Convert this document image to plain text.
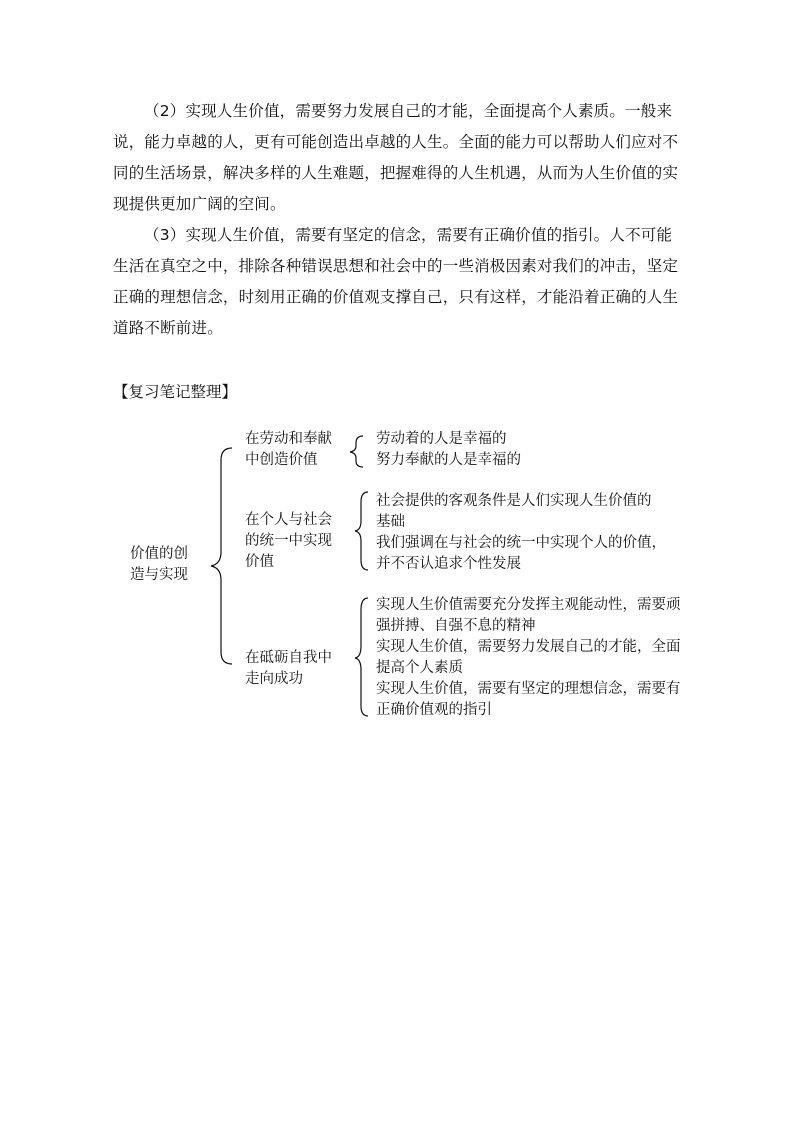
（2）实现人生价值，需要努力发展自己的才能，全面提高个人素质。一般来说，能力卓越的人，更有可能创造出卓越的人生。全面的能力可以帮助人们应对不同的生活场景，解决多样的人生难题，把握难得的人生机遇，从而为人生价值的实现提供更加广阔的空间。

（3）实现人生价值，需要有坚定的信念，需要有正确价值的指引。人不可能生活在真空之中，排除各种错误思想和社会中的一些消极因素对我们的冲击，坚定正确的理想信念，时刻用正确的价值观支撑自己，只有这样，才能沿着正确的人生道路不断前进。

【复习笔记整理】
价值的创
造与实现
在劳动和奉献
中创造价值
劳动着的人是幸福的
努力奉献的人是幸福的
在个人与社会
的统一中实现
价值
社会提供的客观条件是人们实现人生价值的
基础
我们强调在与社会的统一中实现个人的价值，
并不否认追求个性发展
在砥砺自我中
走向成功
实现人生价值需要充分发挥主观能动性，需要顽
强拼搏、自强不息的精神
实现人生价值，需要努力发展自己的才能，全面
提高个人素质
实现人生价值，需要有坚定的理想信念，需要有
正确价值观的指引
